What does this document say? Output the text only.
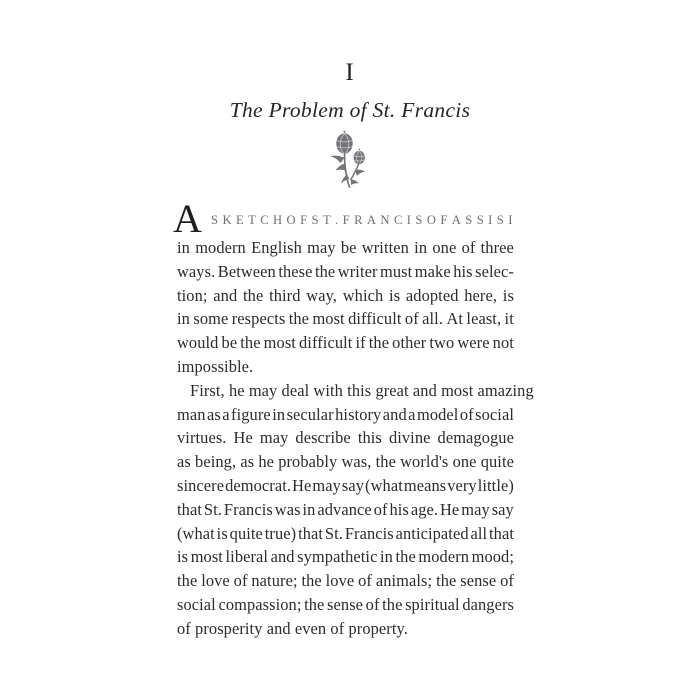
I
The Problem of St. Francis
A S K E T C H O F S T . F R A N C I S O F A S S I S I
in modern English may be written in one of three
ways. Between these the writer must make his selec-
tion; and the third way, which is adopted here, is
in some respects the most difficult of all. At least, it
would be the most difficult if the other two were not
impossible.
First, he may deal with this great and most amazing
man as a figure in secular history and a model of social
virtues. He may describe this divine demagogue
as being, as he probably was, the world's one quite
sincere democrat. He may say (what means very little)
that St. Francis was in advance of his age. He may say
(what is quite true) that St. Francis anticipated all that
is most liberal and sympathetic in the modern mood;
the love of nature; the love of animals; the sense of
social compassion; the sense of the spiritual dangers
of prosperity and even of property.
